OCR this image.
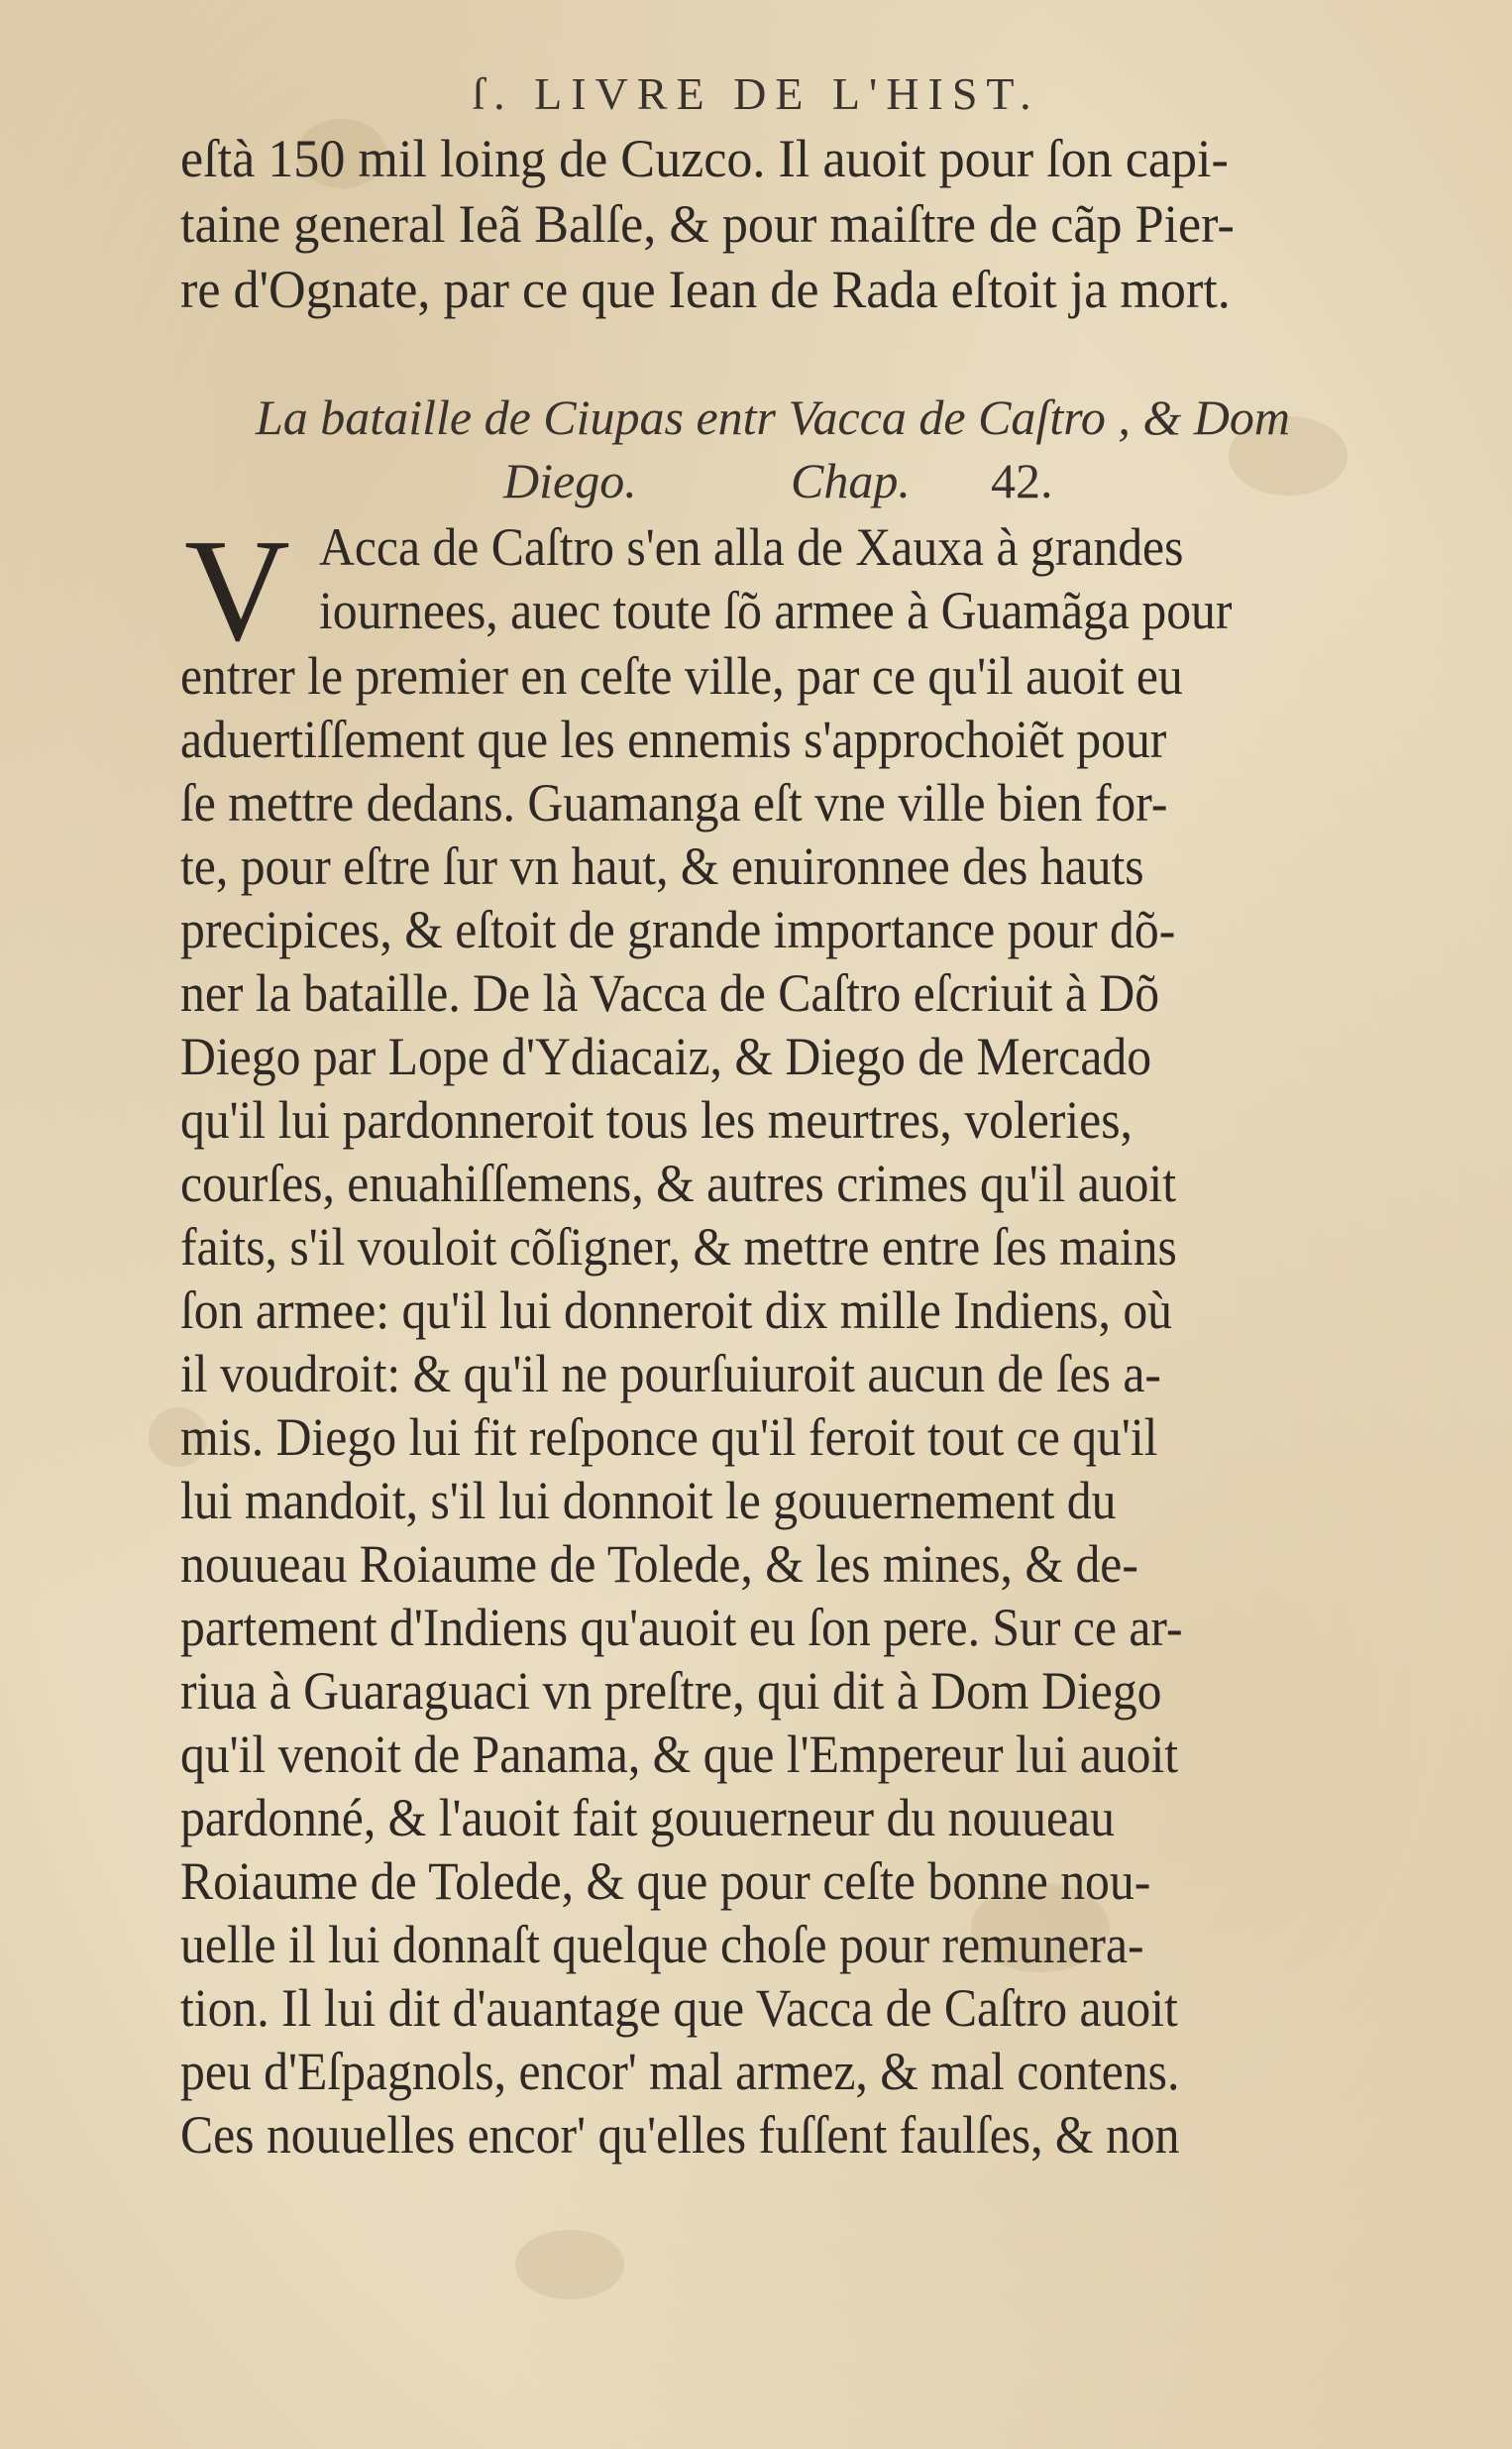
ſ. LIVRE DE L'HIST.
eſtà 150 mil loing de Cuzco. Il auoit pour ſon capi-
taine general Ieã Balſe, & pour maiſtre de cãp Pier-
re d'Ognate, par ce que Iean de Rada eſtoit ja mort.
La bataille de Ciupas entr Vacca de Caſtro , & Dom
Diego.	Chap. 42.
V Acca de Caſtro s'en alla de Xauxa à grandes
iournees, auec toute ſõ armee à Guamãga pour
entrer le premier en ceſte ville, par ce qu'il auoit eu
aduertiſſement que les ennemis s'approchoiẽt pour
ſe mettre dedans. Guamanga eſt vne ville bien for-
te, pour eſtre ſur vn haut, & enuironnee des hauts
precipices, & eſtoit de grande importance pour dõ-
ner la bataille. De là Vacca de Caſtro eſcriuit à Dõ
Diego par Lope d'Ydiacaiz, & Diego de Mercado
qu'il lui pardonneroit tous les meurtres, voleries,
courſes, enuahiſſemens, & autres crimes qu'il auoit
faits, s'il vouloit cõſigner, & mettre entre ſes mains
ſon armee: qu'il lui donneroit dix mille Indiens, où
il voudroit: & qu'il ne pourſuiuroit aucun de ſes a-
mis. Diego lui fit reſponce qu'il feroit tout ce qu'il
lui mandoit, s'il lui donnoit le gouuernement du
nouueau Roiaume de Tolede, & les mines, & de-
partement d'Indiens qu'auoit eu ſon pere. Sur ce ar-
riua à Guaraguaci vn preſtre, qui dit à Dom Diego
qu'il venoit de Panama, & que l'Empereur lui auoit
pardonné, & l'auoit fait gouuerneur du nouueau
Roiaume de Tolede, & que pour ceſte bonne nou-
uelle il lui donnaſt quelque choſe pour remunera-
tion. Il lui dit d'auantage que Vacca de Caſtro auoit
peu d'Eſpagnols, encor' mal armez, & mal contens.
Ces nouuelles encor' qu'elles fuſſent faulſes, & non
